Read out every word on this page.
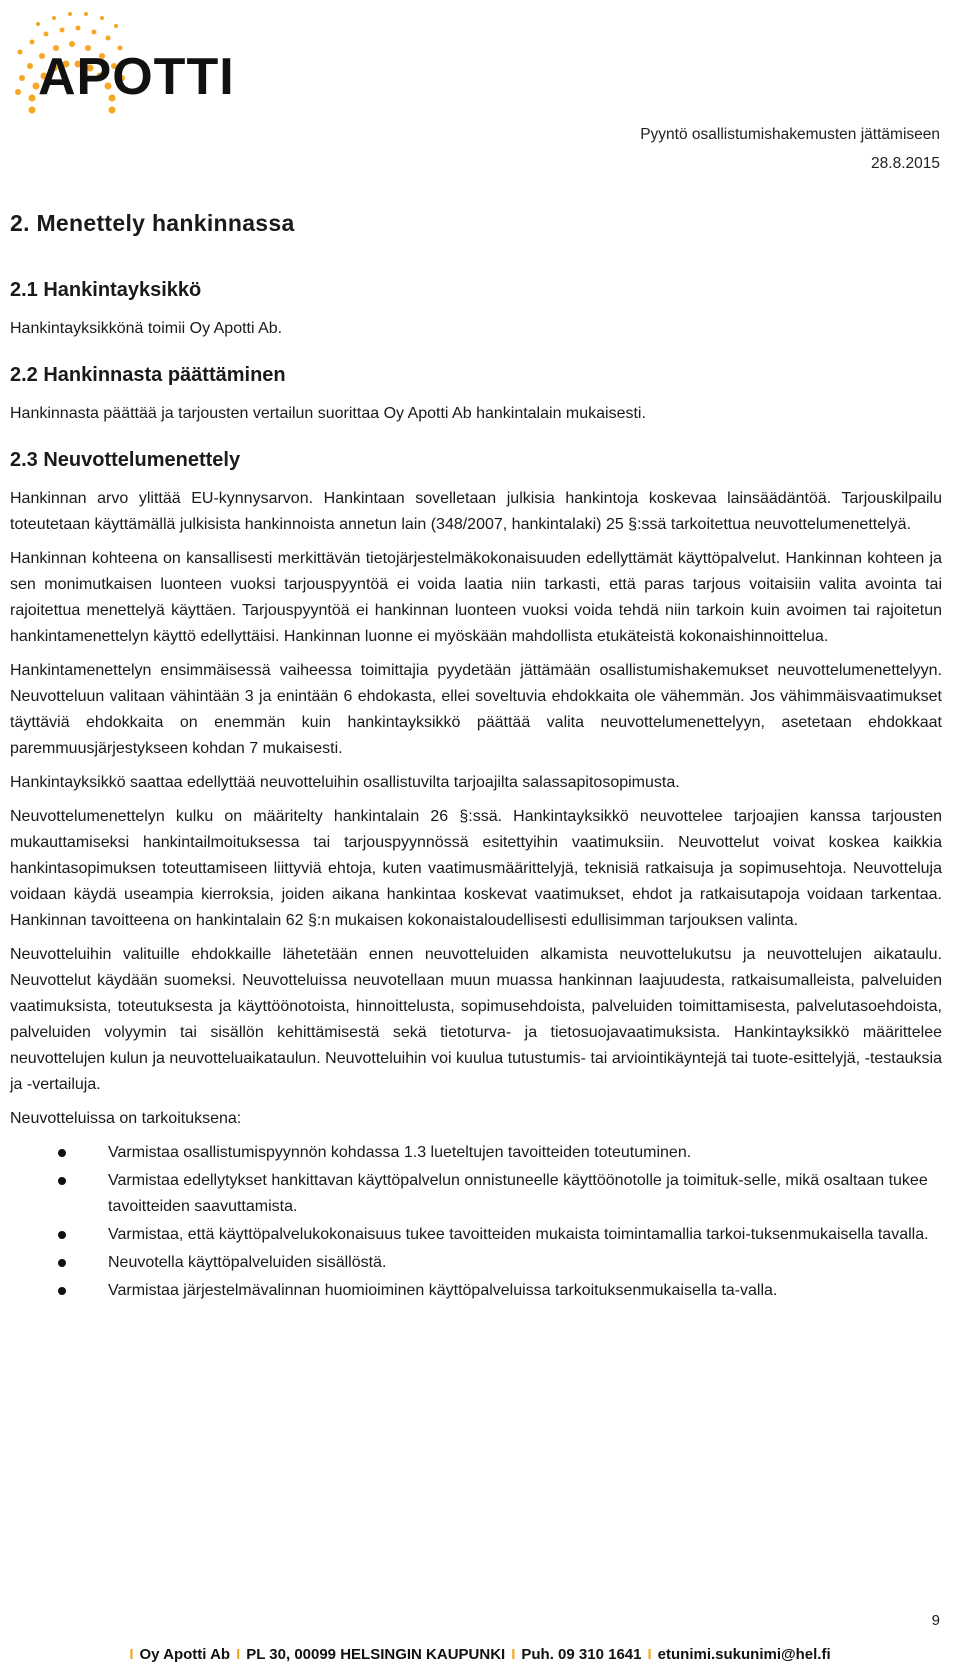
APOTTI
Pyyntö osallistumishakemusten jättämiseen
28.8.2015
2. Menettely hankinnassa
2.1 Hankintayksikkö

Hankintayksikkönä toimii Oy Apotti Ab.

2.2 Hankinnasta päättäminen

Hankinnasta päättää ja tarjousten vertailun suorittaa Oy Apotti Ab hankintalain mukaisesti.

2.3 Neuvottelumenettely

Hankinnan arvo ylittää EU-kynnysarvon. Hankintaan sovelletaan julkisia hankintoja koskevaa lainsäädäntöä. Tarjouskilpailu toteutetaan käyttämällä julkisista hankinnoista annetun lain (348/2007, hankintalaki) 25 §:ssä tarkoitettua neuvottelumenettelyä.

Hankinnan kohteena on kansallisesti merkittävän tietojärjestelmäkokonaisuuden edellyttämät käyttöpalvelut. Hankinnan kohteen ja sen monimutkaisen luonteen vuoksi tarjouspyyntöä ei voida laatia niin tarkasti, että paras tarjous voitaisiin valita avointa tai rajoitettua menettelyä käyttäen. Tarjouspyyntöä ei hankinnan luonteen vuoksi voida tehdä niin tarkoin kuin avoimen tai rajoitetun hankintamenettelyn käyttö edellyttäisi. Hankinnan luonne ei myöskään mahdollista etukäteistä kokonaishinnoittelua.

Hankintamenettelyn ensimmäisessä vaiheessa toimittajia pyydetään jättämään osallistumishakemukset neuvottelumenettelyyn. Neuvotteluun valitaan vähintään 3 ja enintään 6 ehdokasta, ellei soveltuvia ehdokkaita ole vähemmän. Jos vähimmäisvaatimukset täyttäviä ehdokkaita on enemmän kuin hankintayksikkö päättää valita neuvottelumenettelyyn, asetetaan ehdokkaat paremmuusjärjestykseen kohdan 7 mukaisesti.

Hankintayksikkö saattaa edellyttää neuvotteluihin osallistuvilta tarjoajilta salassapitosopimusta.

Neuvottelumenettelyn kulku on määritelty hankintalain 26 §:ssä. Hankintayksikkö neuvottelee tarjoajien kanssa tarjousten mukauttamiseksi hankintailmoituksessa tai tarjouspyynnössä esitettyihin vaatimuksiin. Neuvottelut voivat koskea kaikkia hankintasopimuksen toteuttamiseen liittyviä ehtoja, kuten vaatimusmäärittelyjä, teknisiä ratkaisuja ja sopimusehtoja. Neuvotteluja voidaan käydä useampia kierroksia, joiden aikana hankintaa koskevat vaatimukset, ehdot ja ratkaisutapoja voidaan tarkentaa. Hankinnan tavoitteena on hankintalain 62 §:n mukaisen kokonaistaloudellisesti edullisimman tarjouksen valinta.

Neuvotteluihin valituille ehdokkaille lähetetään ennen neuvotteluiden alkamista neuvottelukutsu ja neuvottelujen aikataulu. Neuvottelut käydään suomeksi. Neuvotteluissa neuvotellaan muun muassa hankinnan laajuudesta, ratkaisumalleista, palveluiden vaatimuksista, toteutuksesta ja käyttöönotoista, hinnoittelusta, sopimusehdoista, palveluiden toimittamisesta, palvelutasoehdoista, palveluiden volyymin tai sisällön kehittämisestä sekä tietoturva- ja tietosuojavaatimuksista. Hankintayksikkö määrittelee neuvottelujen kulun ja neuvotteluaikataulun. Neuvotteluihin voi kuulua tutustumis- tai arviointikäyntejä tai tuote-esittelyjä, -testauksia ja -vertailuja.

Neuvotteluissa on tarkoituksena:

Varmistaa osallistumispyynnön kohdassa 1.3 lueteltujen tavoitteiden toteutuminen.
Varmistaa edellytykset hankittavan käyttöpalvelun onnistuneelle käyttöönotolle ja toimituk-selle, mikä osaltaan tukee tavoitteiden saavuttamista.
Varmistaa, että käyttöpalvelukokonaisuus tukee tavoitteiden mukaista toimintamallia tarkoi-tuksenmukaisella tavalla.
Neuvotella käyttöpalveluiden sisällöstä.
Varmistaa järjestelmävalinnan huomioiminen käyttöpalveluissa tarkoituksenmukaisella ta-valla.
9
I Oy Apotti Ab I PL 30, 00099 HELSINGIN KAUPUNKI I Puh. 09 310 1641 I etunimi.sukunimi@hel.fi
